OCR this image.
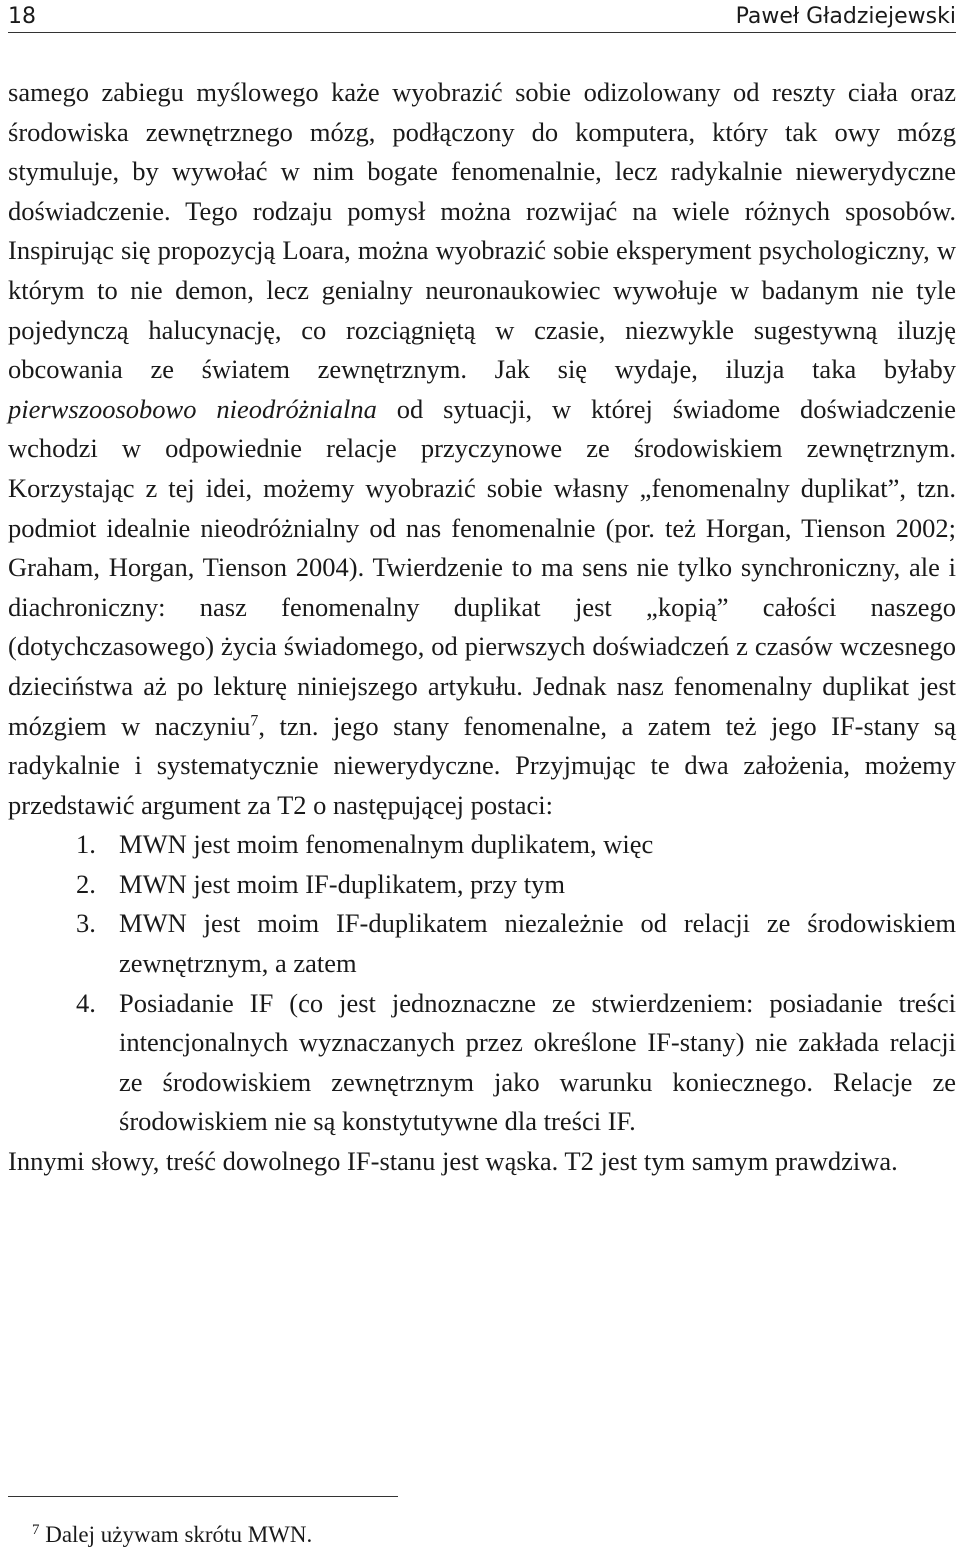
18	Paweł Gładziejewski

samego zabiegu myślowego każe wyobrazić sobie odizolowany od reszty ciała oraz środowiska zewnętrznego mózg, podłączony do komputera, który tak owy mózg stymuluje, by wywołać w nim bogate fenomenalnie, lecz radykalnie niewerydyczne doświadczenie. Tego rodzaju pomysł można rozwijać na wiele różnych sposobów. Inspirując się propozycją Loara, można wyobrazić sobie eksperyment psychologiczny, w którym to nie demon, lecz genialny neuronaukowiec wywołuje w badanym nie tyle pojedynczą halucynację, co rozciągniętą w czasie, niezwykle sugestywną iluzję obcowania ze światem zewnętrznym. Jak się wydaje, iluzja taka byłaby pierwszoosobowo nieodróżnialna od sytuacji, w której świadome doświadczenie wchodzi w odpowiednie relacje przyczynowe ze środowiskiem zewnętrznym. Korzystając z tej idei, możemy wyobrazić sobie własny „fenomenalny duplikat”, tzn. podmiot idealnie nieodróżnialny od nas fenomenalnie (por. też Horgan, Tienson 2002; Graham, Horgan, Tienson 2004). Twierdzenie to ma sens nie tylko synchroniczny, ale i diachroniczny: nasz fenomenalny duplikat jest „kopią” całości naszego (dotychczasowego) życia świadomego, od pierwszych doświadczeń z czasów wczesnego dzieciństwa aż po lekturę niniejszego artykułu. Jednak nasz fenomenalny duplikat jest mózgiem w naczyniu$^7$, tzn. jego stany fenomenalne, a zatem też jego IF-stany są radykalnie i systematycznie niewerydyczne. Przyjmując te dwa założenia, możemy przedstawić argument za T2 o następującej postaci:

1. MWN jest moim fenomenalnym duplikatem, więc
2. MWN jest moim IF-duplikatem, przy tym
3. MWN jest moim IF-duplikatem niezależnie od relacji ze środowiskiem zewnętrznym, a zatem
4. Posiadanie IF (co jest jednoznaczne ze stwierdzeniem: posiadanie treści intencjonalnych wyznaczanych przez określone IF-stany) nie zakłada relacji ze środowiskiem zewnętrznym jako warunku koniecznego. Relacje ze środowiskiem nie są konstytutywne dla treści IF.

Innymi słowy, treść dowolnego IF-stanu jest wąska. T2 jest tym samym prawdziwa.

$^7$ Dalej używam skrótu MWN.
